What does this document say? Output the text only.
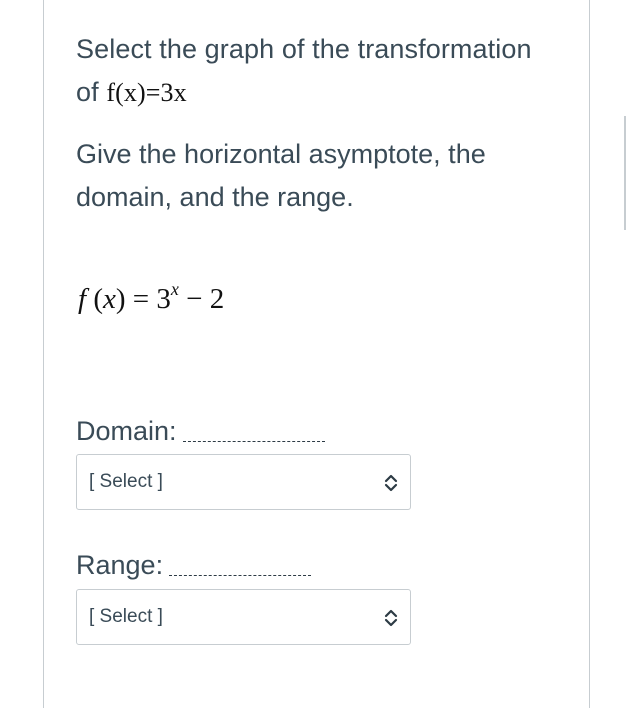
Select the graph of the transformation
of f(x)=3x
Give the horizontal asymptote, the domain, and the range.
f $(x) = 3^x - 2$
Domain:
[ Select ]
Range:
[ Select ]
